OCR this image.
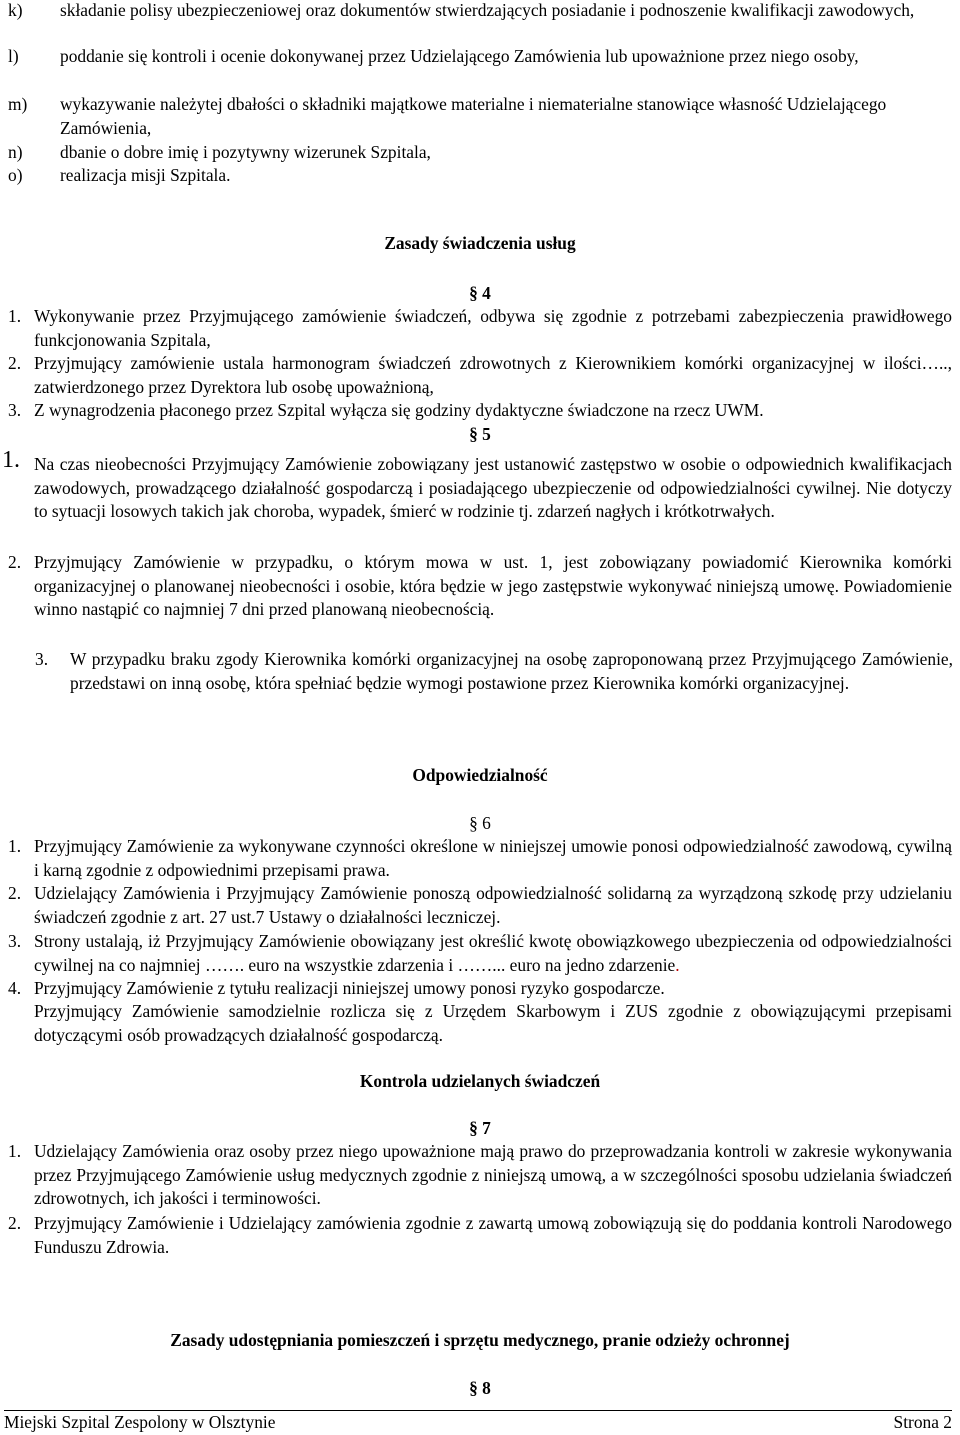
k) składanie polisy ubezpieczeniowej oraz dokumentów stwierdzających posiadanie i podnoszenie kwalifikacji zawodowych,
l) poddanie się kontroli i ocenie dokonywanej przez Udzielającego Zamówienia lub upoważnione przez niego osoby,
m) wykazywanie należytej dbałości o składniki majątkowe materialne i niematerialne stanowiące własność Udzielającego Zamówienia,
n) dbanie o dobre imię i pozytywny wizerunek Szpitala,
o) realizacja misji Szpitala.
Zasady świadczenia usług
§ 4
1. Wykonywanie przez Przyjmującego zamówienie świadczeń, odbywa się zgodnie z potrzebami zabezpieczenia prawidłowego funkcjonowania Szpitala,
2. Przyjmujący zamówienie ustala harmonogram świadczeń zdrowotnych z Kierownikiem komórki organizacyjnej w ilości….., zatwierdzonego przez Dyrektora lub osobę upoważnioną,
3. Z wynagrodzenia płaconego przez Szpital wyłącza się godziny dydaktyczne świadczone na rzecz UWM.
§ 5
1. Na czas nieobecności Przyjmujący Zamówienie zobowiązany jest ustanowić zastępstwo w osobie o odpowiednich kwalifikacjach zawodowych, prowadzącego działalność gospodarczą i posiadającego ubezpieczenie od odpowiedzialności cywilnej. Nie dotyczy to sytuacji losowych takich jak choroba, wypadek, śmierć w rodzinie tj. zdarzeń nagłych i krótkotrwałych.
2. Przyjmujący Zamówienie w przypadku, o którym mowa w ust. 1, jest zobowiązany powiadomić Kierownika komórki organizacyjnej o planowanej nieobecności i osobie, która będzie w jego zastępstwie wykonywać niniejszą umowę. Powiadomienie winno nastąpić co najmniej 7 dni przed planowaną nieobecnością.
3. W przypadku braku zgody Kierownika komórki organizacyjnej na osobę zaproponowaną przez Przyjmującego Zamówienie, przedstawi on inną osobę, która spełniać będzie wymogi postawione przez Kierownika komórki organizacyjnej.
Odpowiedzialność
§ 6
1. Przyjmujący Zamówienie za wykonywane czynności określone w niniejszej umowie ponosi odpowiedzialność zawodową, cywilną i karną zgodnie z odpowiednimi przepisami prawa.
2. Udzielający Zamówienia i Przyjmujący Zamówienie ponoszą odpowiedzialność solidarną za wyrządzoną szkodę przy udzielaniu świadczeń zgodnie z art. 27 ust.7 Ustawy o działalności leczniczej.
3. Strony ustalają, iż Przyjmujący Zamówienie obowiązany jest określić kwotę obowiązkowego ubezpieczenia od odpowiedzialności cywilnej na co najmniej ……. euro na wszystkie zdarzenia i ……... euro na jedno zdarzenie.
4. Przyjmujący Zamówienie z tytułu realizacji niniejszej umowy ponosi ryzyko gospodarcze.
Przyjmujący Zamówienie samodzielnie rozlicza się z Urzędem Skarbowym i ZUS zgodnie z obowiązującymi przepisami dotyczącymi osób prowadzących działalność gospodarczą.
Kontrola udzielanych świadczeń
§ 7
1. Udzielający Zamówienia oraz osoby przez niego upoważnione mają prawo do przeprowadzania kontroli w zakresie wykonywania przez Przyjmującego Zamówienie usług medycznych zgodnie z niniejszą umową, a w szczególności sposobu udzielania świadczeń zdrowotnych, ich jakości i terminowości.
2. Przyjmujący Zamówienie i Udzielający zamówienia zgodnie z zawartą umową zobowiązują się do poddania kontroli Narodowego Funduszu Zdrowia.
Zasady udostępniania pomieszczeń i sprzętu medycznego, pranie odzieży ochronnej
§ 8
Miejski Szpital Zespolony w Olsztynie	Strona 2
